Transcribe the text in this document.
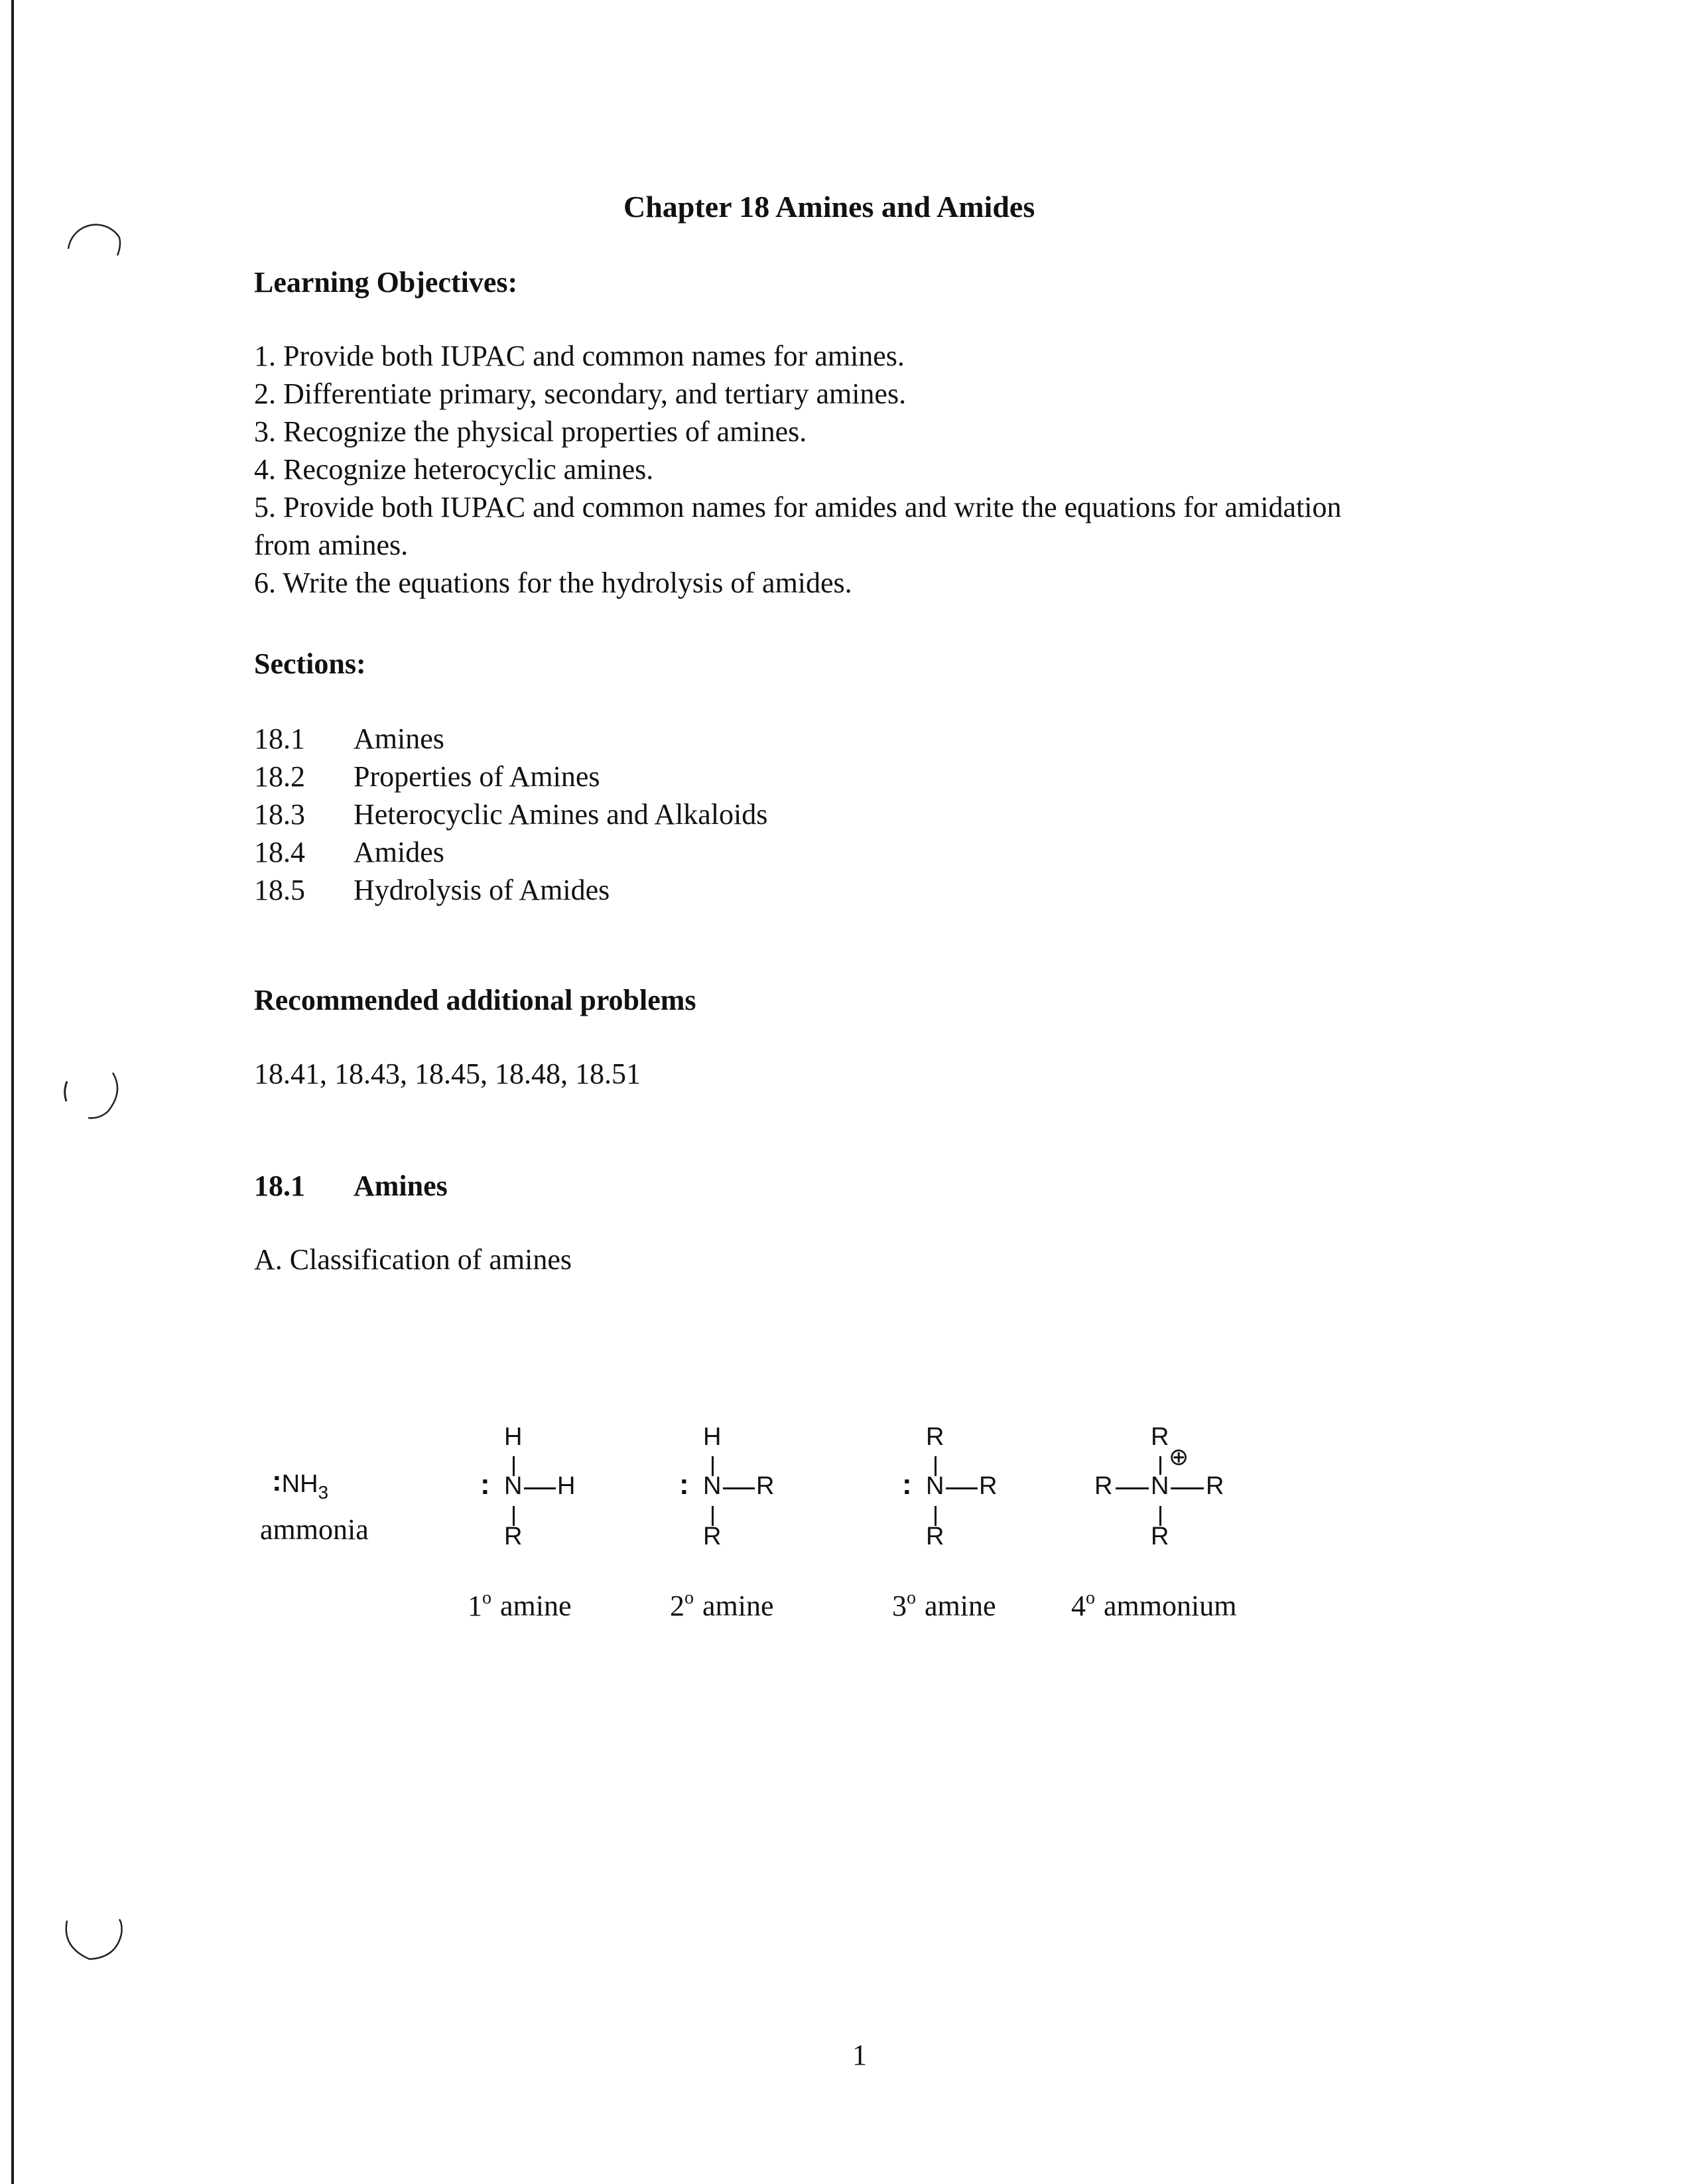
Chapter 18 Amines and Amides
Learning Objectives:
1. Provide both IUPAC and common names for amines.
2. Differentiate primary, secondary, and tertiary amines.
3. Recognize the physical properties of amines.
4. Recognize heterocyclic amines.
5. Provide both IUPAC and common names for amides and write the equations for amidation from amines.
6. Write the equations for the hydrolysis of amides.
Sections:
18.1	Amines
18.2	Properties of Amines
18.3	Heterocyclic Amines and Alkaloids
18.4	Amides
18.5	Hydrolysis of Amides
Recommended additional problems
18.41, 18.43, 18.45, 18.48, 18.51
18.1 Amines
A. Classification of amines
$:NH_3$
ammonia
H
: N H
R
1$^o$ amine
H
: N R
R
2$^o$ amine
R
: N R
R
3$^o$ amine
R
⊕
R N R
R
4$^o$ ammonium
1
